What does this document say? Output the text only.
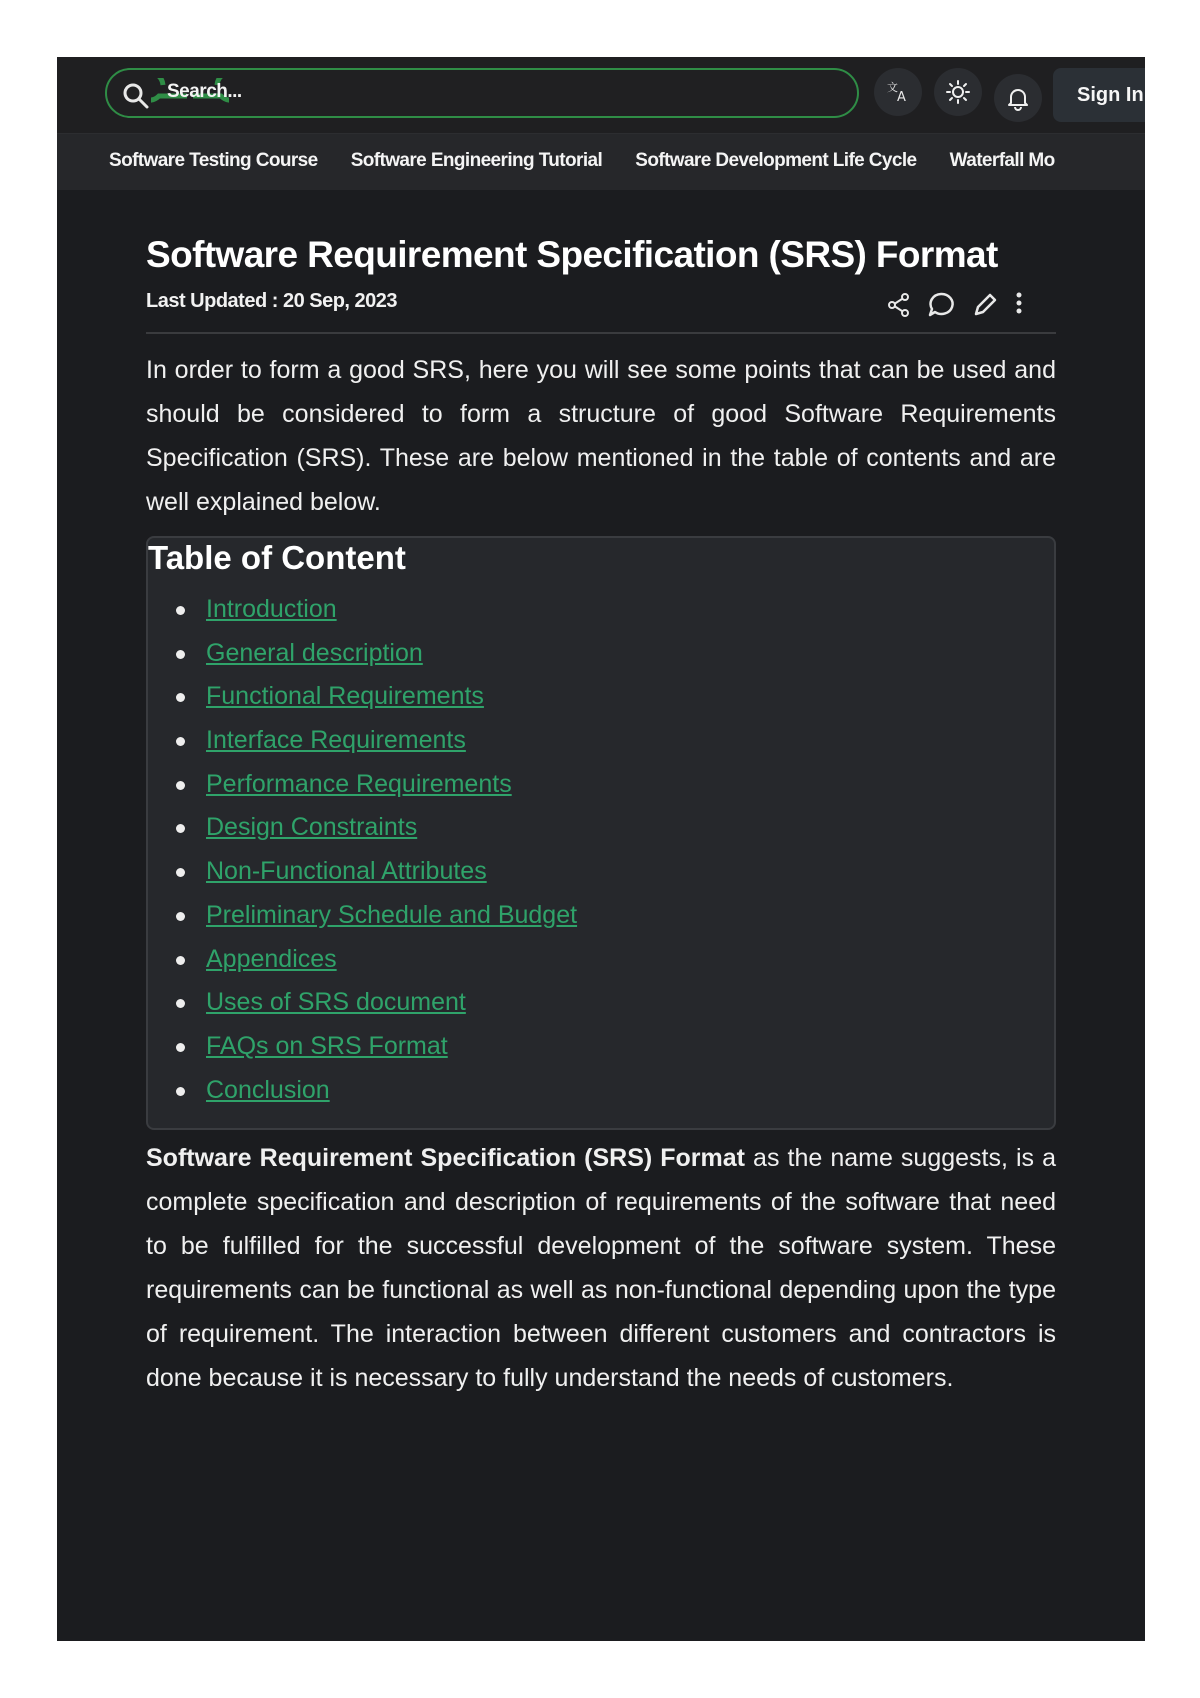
Search...	文
A	Sign In
Software Testing Course Software Engineering Tutorial Software Development Life Cycle Waterfall Mo
Software Requirement Specification (SRS) Format
Last Updated : 20 Sep, 2023

In order to form a good SRS, here you will see some points that can be used and should be considered to form a structure of good Software Requirements Specification (SRS). These are below mentioned in the table of contents and are well explained below.

Table of Content
Introduction
General description
Functional Requirements
Interface Requirements
Performance Requirements
Design Constraints
Non-Functional Attributes
Preliminary Schedule and Budget
Appendices
Uses of SRS document
FAQs on SRS Format
Conclusion

Software Requirement Specification (SRS) Format as the name suggests, is a complete specification and description of requirements of the software that need to be fulfilled for the successful development of the software system. These requirements can be functional as well as non-functional depending upon the type of requirement. The interaction between different customers and contractors is done because it is necessary to fully understand the needs of customers.
